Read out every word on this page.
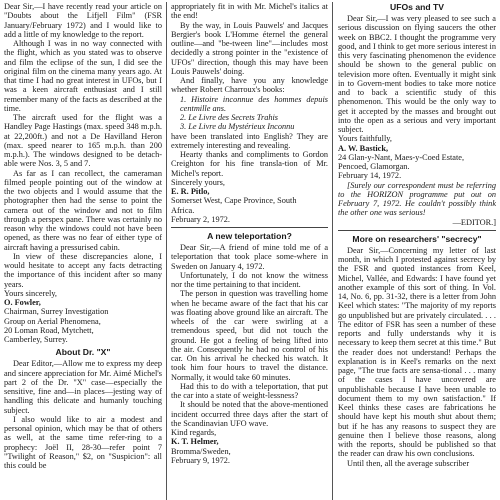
Dear Sir,—I have recently read your article on "Doubts about the Lifjell Film" (FSR January/February 1972) and I would like to add a little of my knowledge to the report.

Although I was in no way connected with the flight, which as you stated was to observe and film the eclipse of the sun, I did see the original film on the cinema many years ago. At that time I had no great interest in UFOs, but I was a keen aircraft enthusiast and I still remember many of the facts as described at the time.

The aircraft used for the flight was a Handley Page Hastings (max. speed 348 m.p.h. at 22,200ft.) and not a De Havilland Heron (max. speed nearer to 165 m.p.h. than 200 m.p.h.). The windows designed to be detach-able were Nos. 3, 5 and 7.

As far as I can recollect, the cameraman filmed people pointing out of the window at the two objects and I would assume that the photographer then had the sense to point the camera out of the window and not to film through a perspex pane. There was certainly no reason why the windows could not have been opened, as there was no fear of either type of aircraft having a pressurised cabin.

In view of these discrepancies alone, I would hesitate to accept any facts detracting the importance of this incident after so many years.

Yours sincerely,

O. Fowler,

Chairman, Surrey Investigation

Group on Aerial Phenomena,

20 Loman Road, Mytchett,

Camberley, Surrey.

About Dr. "X"

Dear Editor,—Allow me to express my deep and sincere appreciation for Mr. Aimé Michel's part 2 of the Dr. "X" case—especially the sensitive, fine and—in places—jesting way of handling this delicate and humanly touching subject.

I also would like to air a modest and personal opinion, which may be that of others as well, at the same time refer-ring to a prophecy: Joël II, 28-30—refer point 7 "Twilight of Reason," $2, on "Suspicion": all this could be

appropriately fit in with Mr. Michel's italics at the end!

By the way, in Louis Pauwels' and Jacques Bergier's book L'Homme éternel the general outline—and "be-tween line"—includes most decidedly a strong pointer in the "existence of UFOs" direction, though this may have been Louis Pauwels' doing.

And finally, have you any knowledge whether Robert Charroux's books:

1. Histoire inconnue des hommes depuis centmille ans.
2. Le Livre des Secrets Trahis
3. Le Livre du Mystérieux Inconnu

have been translated into English? They are extremely interesting and revealing.

Hearty thanks and compliments to Gordon Creighton for his fine transla-tion of Mr. Michel's report.

Sincerely yours,

E. R. Pitlo,

Somerset West, Cape Province, South

Africa.

February 2, 1972.

A new teleportation?

Dear Sir,—A friend of mine told me of a teleportation that took place some-where in Sweden on January 4, 1972.

Unfortunately, I do not know the witness nor the time pertaining to that incident.

The person in question was travelling home when he became aware of the fact that his car was floating above ground like an aircraft. The wheels of the car were swirling at a tremendous speed, but did not touch the ground. He got a feeling of being lifted into the air. Consequently he had no control of his car. On his arrival he checked his watch. It took him four hours to travel the distance. Normally, it would take 60 minutes.

Had this to do with a teleportation, that put the car into a state of weight-lessness?

It should be noted that the above-mentioned incident occurred three days after the start of the Scandinavian UFO wave.

Kind regards,

K. T. Helmer,

Bromma/Sweden,

February 9, 1972.

UFOs and TV

Dear Sir,—I was very pleased to see such a serious discussion on flying saucers the other week on BBC2. I thought the programme very good, and I think to get more serious interest in this very fascinating phenomenon the evidence should be shown to the general public on television more often. Eventually it might sink in to Govern-ment bodies to take more notice and to back a scientific study of this phenomenon. This would be the only way to get it accepted by the masses and brought out into the open as a serious and very important subject.

Yours faithfully,

A. W. Bastick,

24 Glan-y-Nant, Maes-y-Coed Estate,

Pencoed, Glamorgan.

February 14, 1972.

[Surely our correspondent must be referring to the HORIZON programme put out on February 7, 1972. He couldn't possibly think the other one was serious!

—EDITOR.]

More on researchers' "secrecy"

Dear Sir,—Concerning my letter of last month, in which I protested against secrecy by the FSR and quoted instances from Keel, Michel, Vallée, and Edwards: I have found yet another example of this sort of thing. In Vol. 14, No. 6, pp. 31-32, there is a letter from John Keel which states: "The majority of my reports go unpublished but are privately circulated. . . . The editor of FSR has seen a number of these reports and fully understands why it is necessary to keep them secret at this time." But the reader does not understand! Perhaps the explanation is in Keel's remarks on the next page, "The true facts are sensa-tional . . . many of the cases I have uncovered are unpublishable because I have been unable to document them to my own satisfaction." If Keel thinks these cases are fabrications he should have kept his mouth shut about them; but if he has any reasons to suspect they are genuine then I believe those reasons, along with the reports, should be published so that the reader can draw his own conclusions.

Until then, all the average subscriber
